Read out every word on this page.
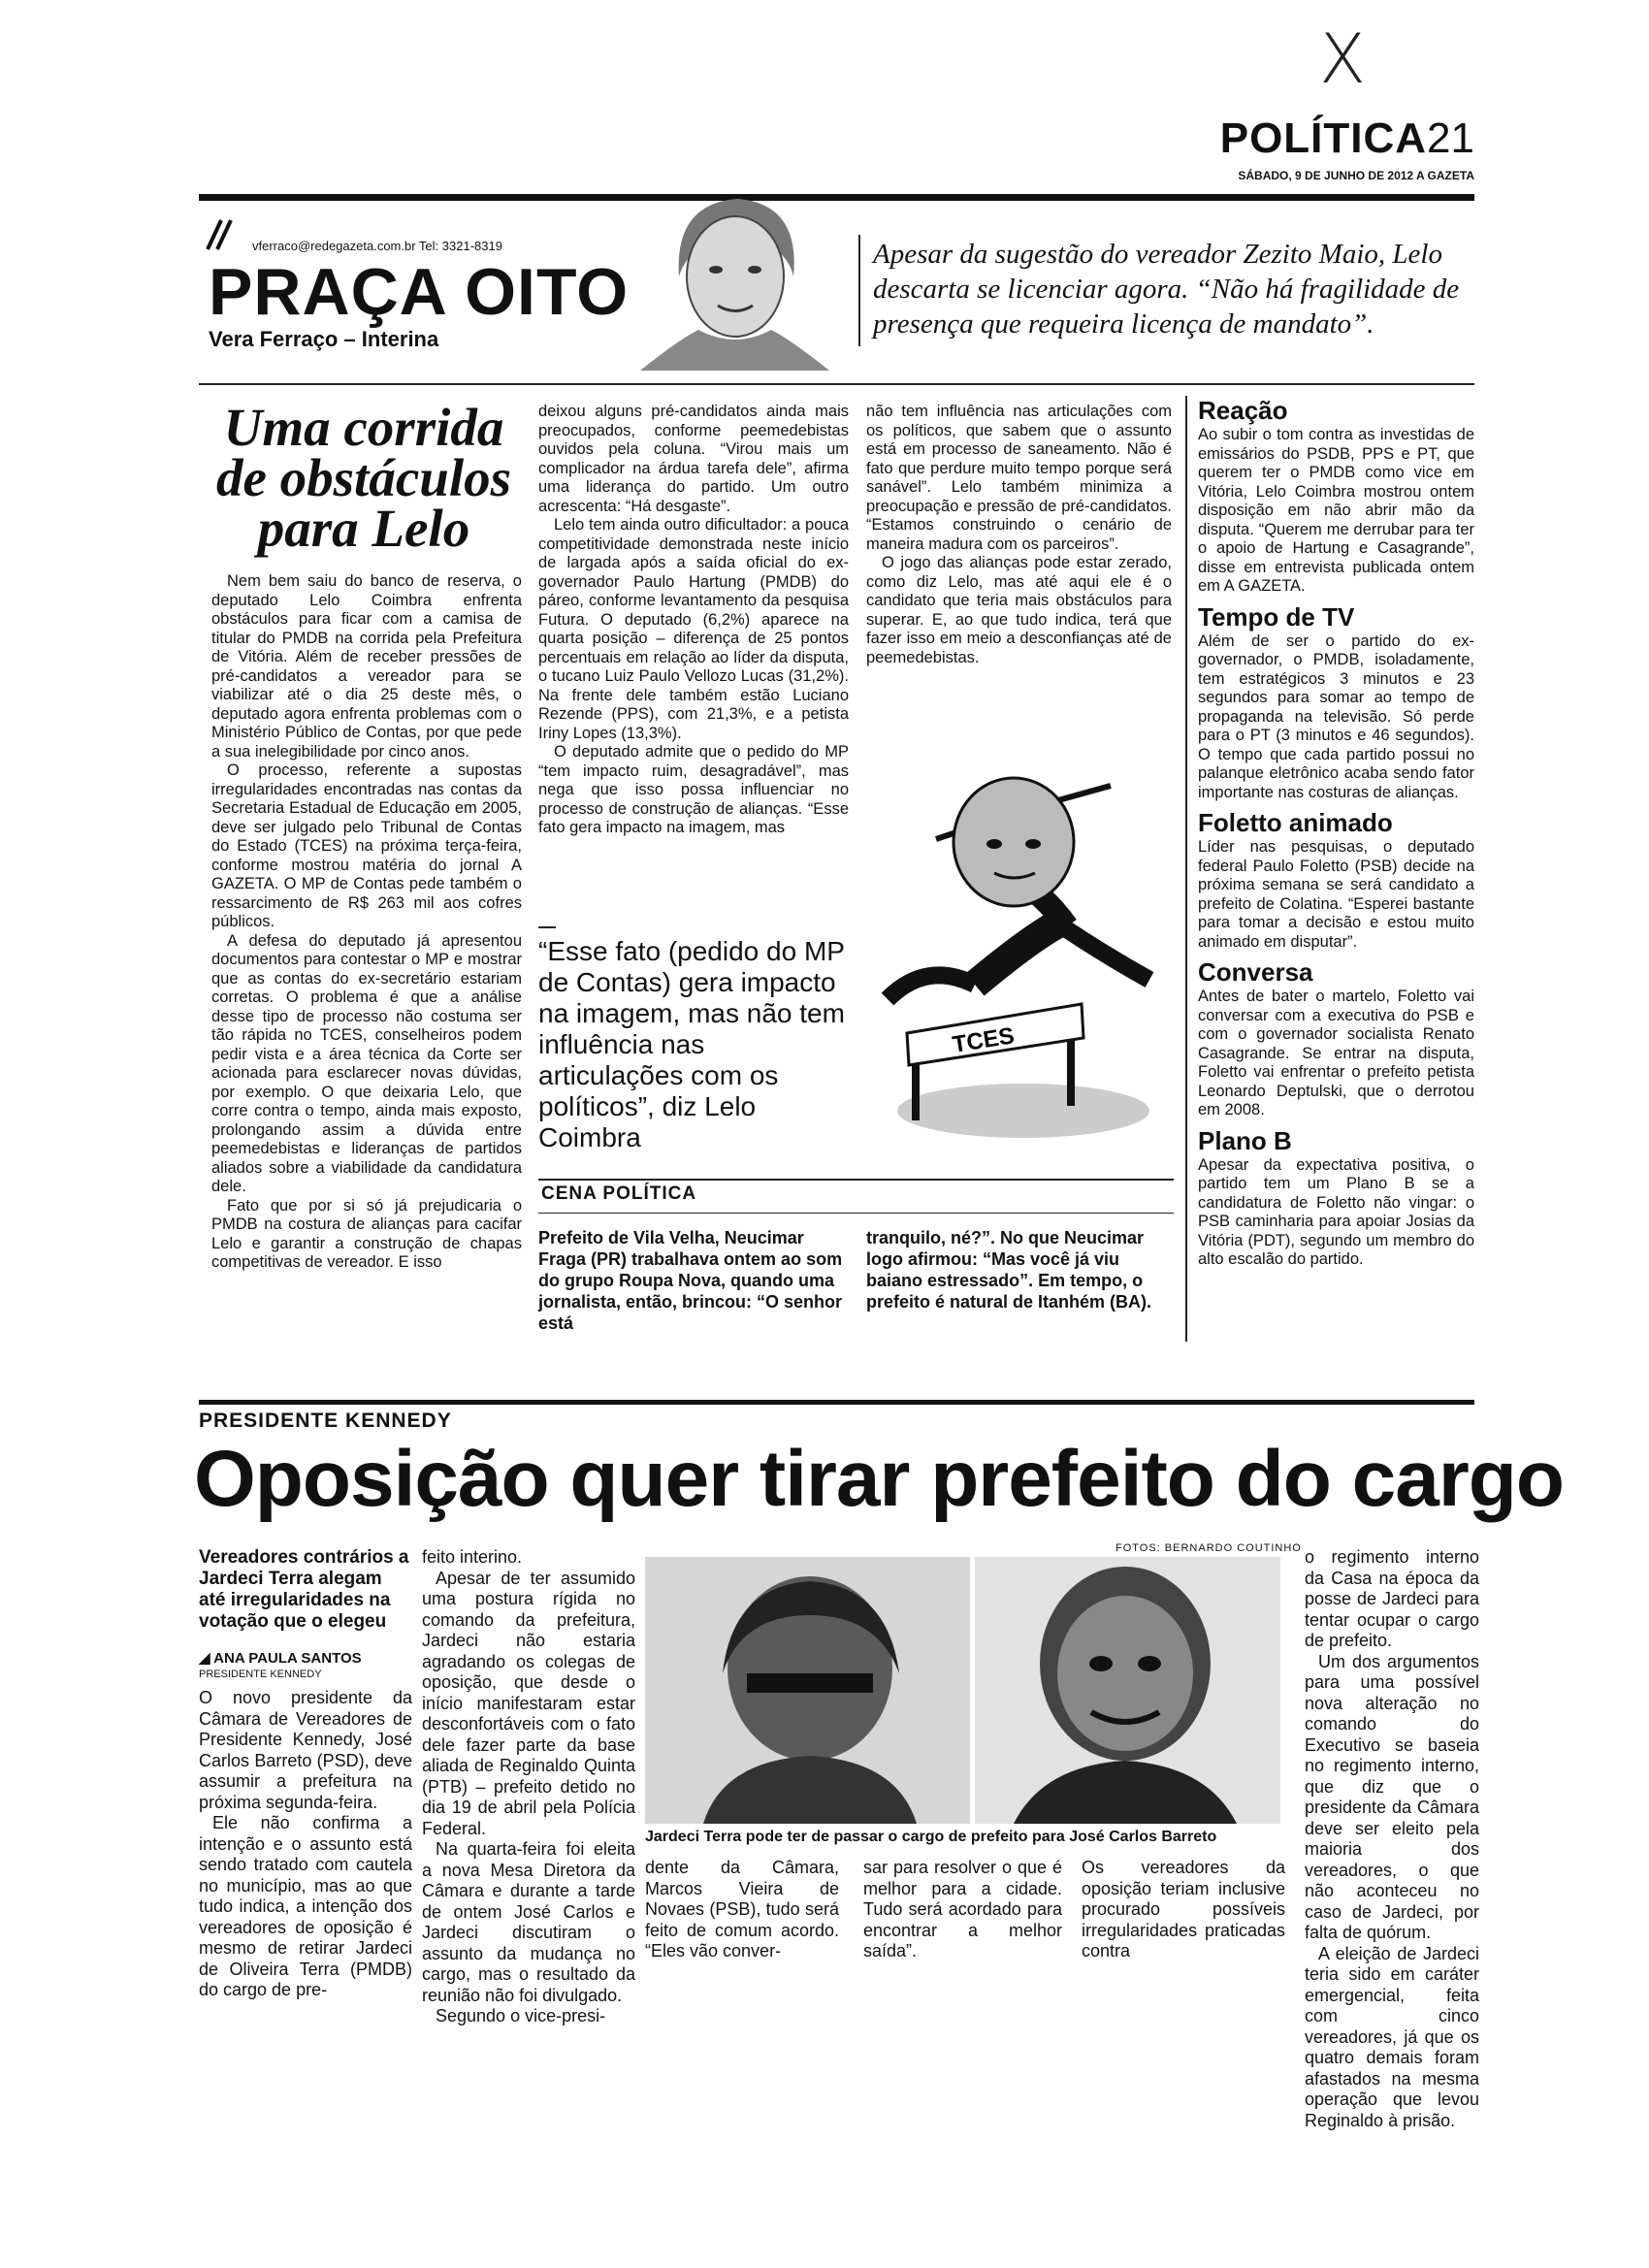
X
POLÍTICA21
SÁBADO, 9 DE JUNHO DE 2012 A GAZETA
vferraco@redegazeta.com.br Tel: 3321-8319
PRAÇA OITO
Vera Ferraço – Interina
Apesar da sugestão do vereador Zezito Maio, Lelo descarta se licenciar agora. “Não há fragilidade de presença que requeira licença de mandato”.
Uma corrida de obstáculos para Lelo

Nem bem saiu do banco de reserva, o deputado Lelo Coimbra enfrenta obstáculos para ficar com a camisa de titular do PMDB na corrida pela Prefeitura de Vitória. Além de receber pressões de pré-candidatos a vereador para se viabilizar até o dia 25 deste mês, o deputado agora enfrenta problemas com o Ministério Público de Contas, por que pede a sua inelegibilidade por cinco anos.

O processo, referente a supostas irregularidades encontradas nas contas da Secretaria Estadual de Educação em 2005, deve ser julgado pelo Tribunal de Contas do Estado (TCES) na próxima terça-feira, conforme mostrou matéria do jornal A GAZETA. O MP de Contas pede também o ressarcimento de R$ 263 mil aos cofres públicos.

A defesa do deputado já apresentou documentos para contestar o MP e mostrar que as contas do ex-secretário estariam corretas. O problema é que a análise desse tipo de processo não costuma ser tão rápida no TCES, conselheiros podem pedir vista e a área técnica da Corte ser acionada para esclarecer novas dúvidas, por exemplo. O que deixaria Lelo, que corre contra o tempo, ainda mais exposto, prolongando assim a dúvida entre peemedebistas e lideranças de partidos aliados sobre a viabilidade da candidatura dele.

Fato que por si só já prejudicaria o PMDB na costura de alianças para cacifar Lelo e garantir a construção de chapas competitivas de vereador. E isso

deixou alguns pré-candidatos ainda mais preocupados, conforme peemedebistas ouvidos pela coluna. “Virou mais um complicador na árdua tarefa dele”, afirma uma liderança do partido. Um outro acrescenta: “Há desgaste”.

Lelo tem ainda outro dificultador: a pouca competitividade demonstrada neste início de largada após a saída oficial do ex-governador Paulo Hartung (PMDB) do páreo, conforme levantamento da pesquisa Futura. O deputado (6,2%) aparece na quarta posição – diferença de 25 pontos percentuais em relação ao líder da disputa, o tucano Luiz Paulo Vellozo Lucas (31,2%). Na frente dele também estão Luciano Rezende (PPS), com 21,3%, e a petista Iriny Lopes (13,3%).

O deputado admite que o pedido do MP “tem impacto ruim, desagradável”, mas nega que isso possa influenciar no processo de construção de alianças. “Esse fato gera impacto na imagem, mas

“Esse fato (pedido do MP de Contas) gera impacto na imagem, mas não tem influência nas articulações com os políticos”, diz Lelo Coimbra

não tem influência nas articulações com os políticos, que sabem que o assunto está em processo de saneamento. Não é fato que perdure muito tempo porque será sanável”. Lelo também minimiza a preocupação e pressão de pré-candidatos. “Estamos construindo o cenário de maneira madura com os parceiros”.

O jogo das alianças pode estar zerado, como diz Lelo, mas até aqui ele é o candidato que teria mais obstáculos para superar. E, ao que tudo indica, terá que fazer isso em meio a desconfianças até de peemedebistas.

TCES
CENA POLÍTICA
Prefeito de Vila Velha, Neucimar Fraga (PR) trabalhava ontem ao som do grupo Roupa Nova, quando uma jornalista, então, brincou: “O senhor está
tranquilo, né?”. No que Neucimar logo afirmou: “Mas você já viu baiano estressado”. Em tempo, o prefeito é natural de Itanhém (BA).
Reação
Ao subir o tom contra as investidas de emissários do PSDB, PPS e PT, que querem ter o PMDB como vice em Vitória, Lelo Coimbra mostrou ontem disposição em não abrir mão da disputa. “Querem me derrubar para ter o apoio de Hartung e Casagrande”, disse em entrevista publicada ontem em A GAZETA.
Tempo de TV
Além de ser o partido do ex-governador, o PMDB, isoladamente, tem estratégicos 3 minutos e 23 segundos para somar ao tempo de propaganda na televisão. Só perde para o PT (3 minutos e 46 segundos). O tempo que cada partido possui no palanque eletrônico acaba sendo fator importante nas costuras de alianças.
Foletto animado
Líder nas pesquisas, o deputado federal Paulo Foletto (PSB) decide na próxima semana se será candidato a prefeito de Colatina. “Esperei bastante para tomar a decisão e estou muito animado em disputar”.
Conversa
Antes de bater o martelo, Foletto vai conversar com a executiva do PSB e com o governador socialista Renato Casagrande. Se entrar na disputa, Foletto vai enfrentar o prefeito petista Leonardo Deptulski, que o derrotou em 2008.
Plano B
Apesar da expectativa positiva, o partido tem um Plano B se a candidatura de Foletto não vingar: o PSB caminharia para apoiar Josias da Vitória (PDT), segundo um membro do alto escalão do partido.
PRESIDENTE KENNEDY
Oposição quer tirar prefeito do cargo
Vereadores contrários a Jardeci Terra alegam até irregularidades na votação que o elegeu
◢ ANA PAULA SANTOS
PRESIDENTE KENNEDY

O novo presidente da Câmara de Vereadores de Presidente Kennedy, José Carlos Barreto (PSD), deve assumir a prefeitura na próxima segunda-feira.

Ele não confirma a intenção e o assunto está sendo tratado com cautela no município, mas ao que tudo indica, a intenção dos vereadores de oposição é mesmo de retirar Jardeci de Oliveira Terra (PMDB) do cargo de pre-

feito interino.

Apesar de ter assumido uma postura rígida no comando da prefeitura, Jardeci não estaria agradando os colegas de oposição, que desde o início manifestaram estar desconfortáveis com o fato dele fazer parte da base aliada de Reginaldo Quinta (PTB) – prefeito detido no dia 19 de abril pela Polícia Federal.

Na quarta-feira foi eleita a nova Mesa Diretora da Câmara e durante a tarde de ontem José Carlos e Jardeci discutiram o assunto da mudança no cargo, mas o resultado da reunião não foi divulgado.

Segundo o vice-presi-

FOTOS: BERNARDO COUTINHO
Jardeci Terra pode ter de passar o cargo de prefeito para José Carlos Barreto
dente da Câmara, Marcos Vieira de Novaes (PSB), tudo será feito de comum acordo. “Eles vão conver-
sar para resolver o que é melhor para a cidade. Tudo será acordado para encontrar a melhor saída”.
Os vereadores da oposição teriam inclusive procurado possíveis irregularidades praticadas contra

o regimento interno da Casa na época da posse de Jardeci para tentar ocupar o cargo de prefeito.

Um dos argumentos para uma possível nova alteração no comando do Executivo se baseia no regimento interno, que diz que o presidente da Câmara deve ser eleito pela maioria dos vereadores, o que não aconteceu no caso de Jardeci, por falta de quórum.

A eleição de Jardeci teria sido em caráter emergencial, feita com cinco vereadores, já que os quatro demais foram afastados na mesma operação que levou Reginaldo à prisão.
